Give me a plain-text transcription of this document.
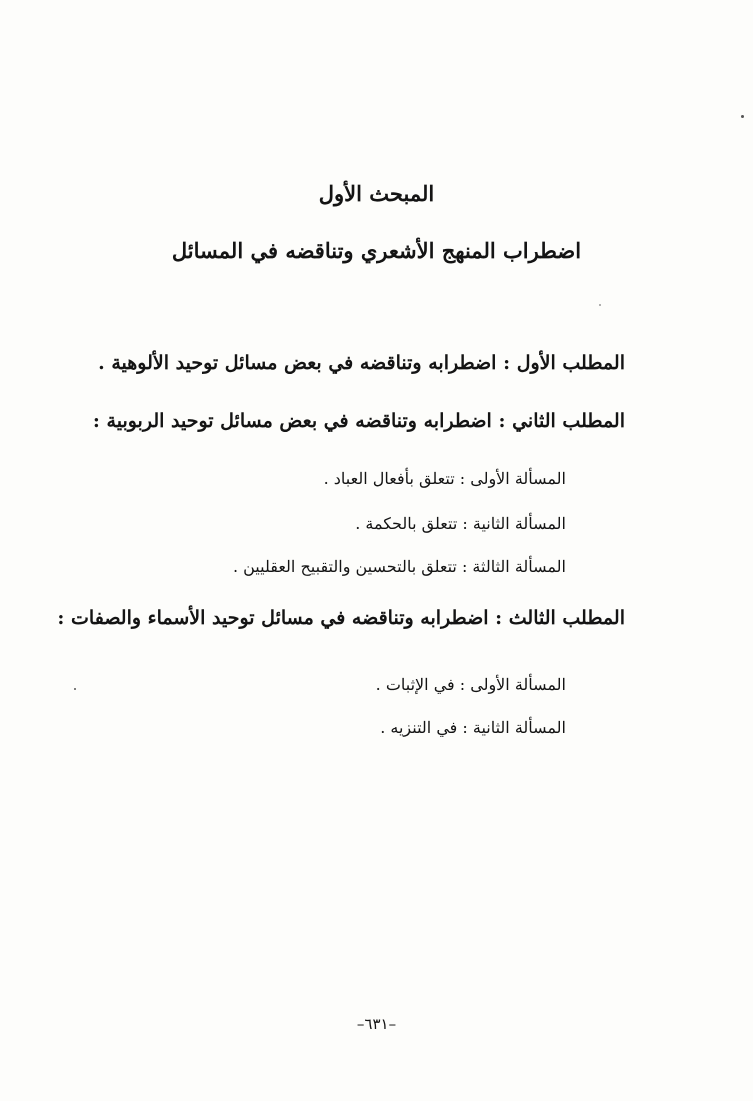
المبحث الأول
اضطراب المنهج الأشعري وتناقضه في المسائل
المطلب الأول : اضطرابه وتناقضه في بعض مسائل توحيد الألوهية .
المطلب الثاني : اضطرابه وتناقضه في بعض مسائل توحيد الربوبية :
المسألة الأولى : تتعلق بأفعال العباد .
المسألة الثانية : تتعلق بالحكمة .
المسألة الثالثة : تتعلق بالتحسين والتقبيح العقليين .
المطلب الثالث : اضطرابه وتناقضه في مسائل توحيد الأسماء والصفات :
المسألة الأولى : في الإثبات .
المسألة الثانية : في التنزيه .
–٦٣١–
